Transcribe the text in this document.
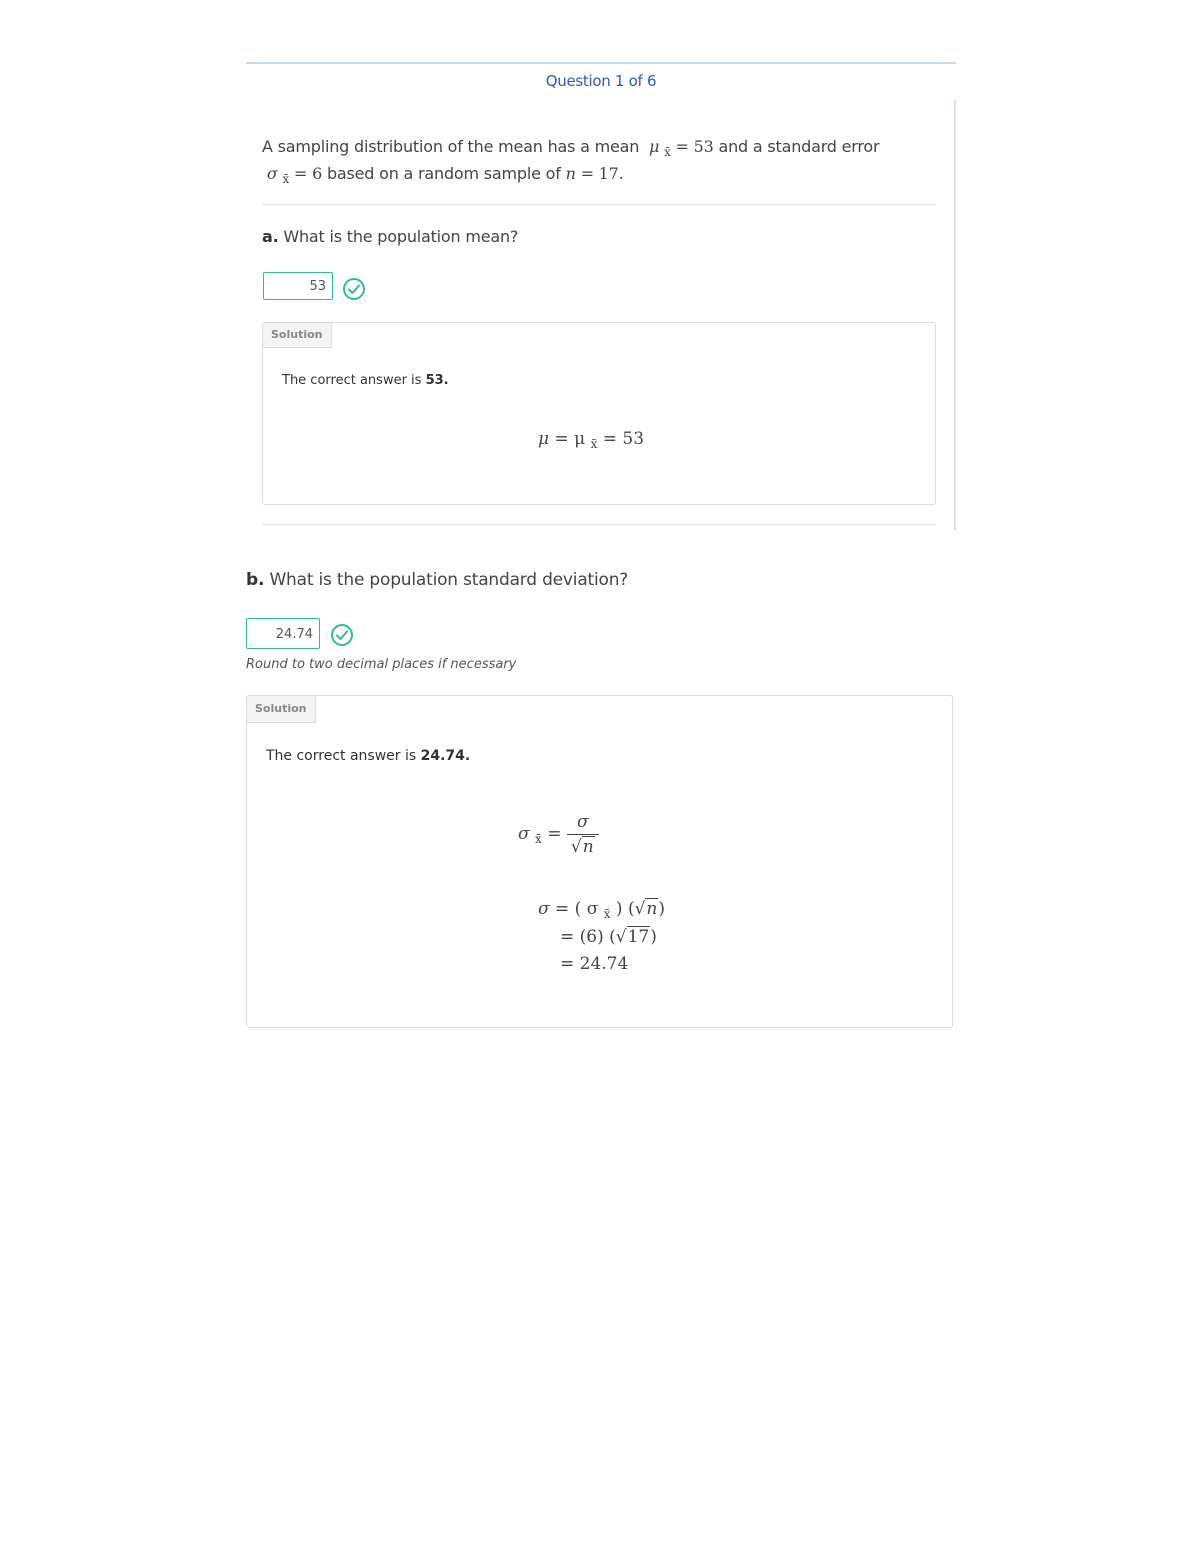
Question 1 of 6
A sampling distribution of the mean has a mean μ $_{x̄}$ = 53 and a standard error
σ $_{x̄}$ = 6 based on a random sample of n = 17.
a. What is the population mean?
53
Solution
The correct answer is 53.
μ = μ $_{x̄}$ = 53
b. What is the population standard deviation?
24.74
Round to two decimal places if necessary
Solution
The correct answer is 24.74.
σ $_{x̄} = \frac{\sigma}{√n}$
σ = ( σ $_{x̄}$ ) (√n)
= (6) (√17)
= 24.74
